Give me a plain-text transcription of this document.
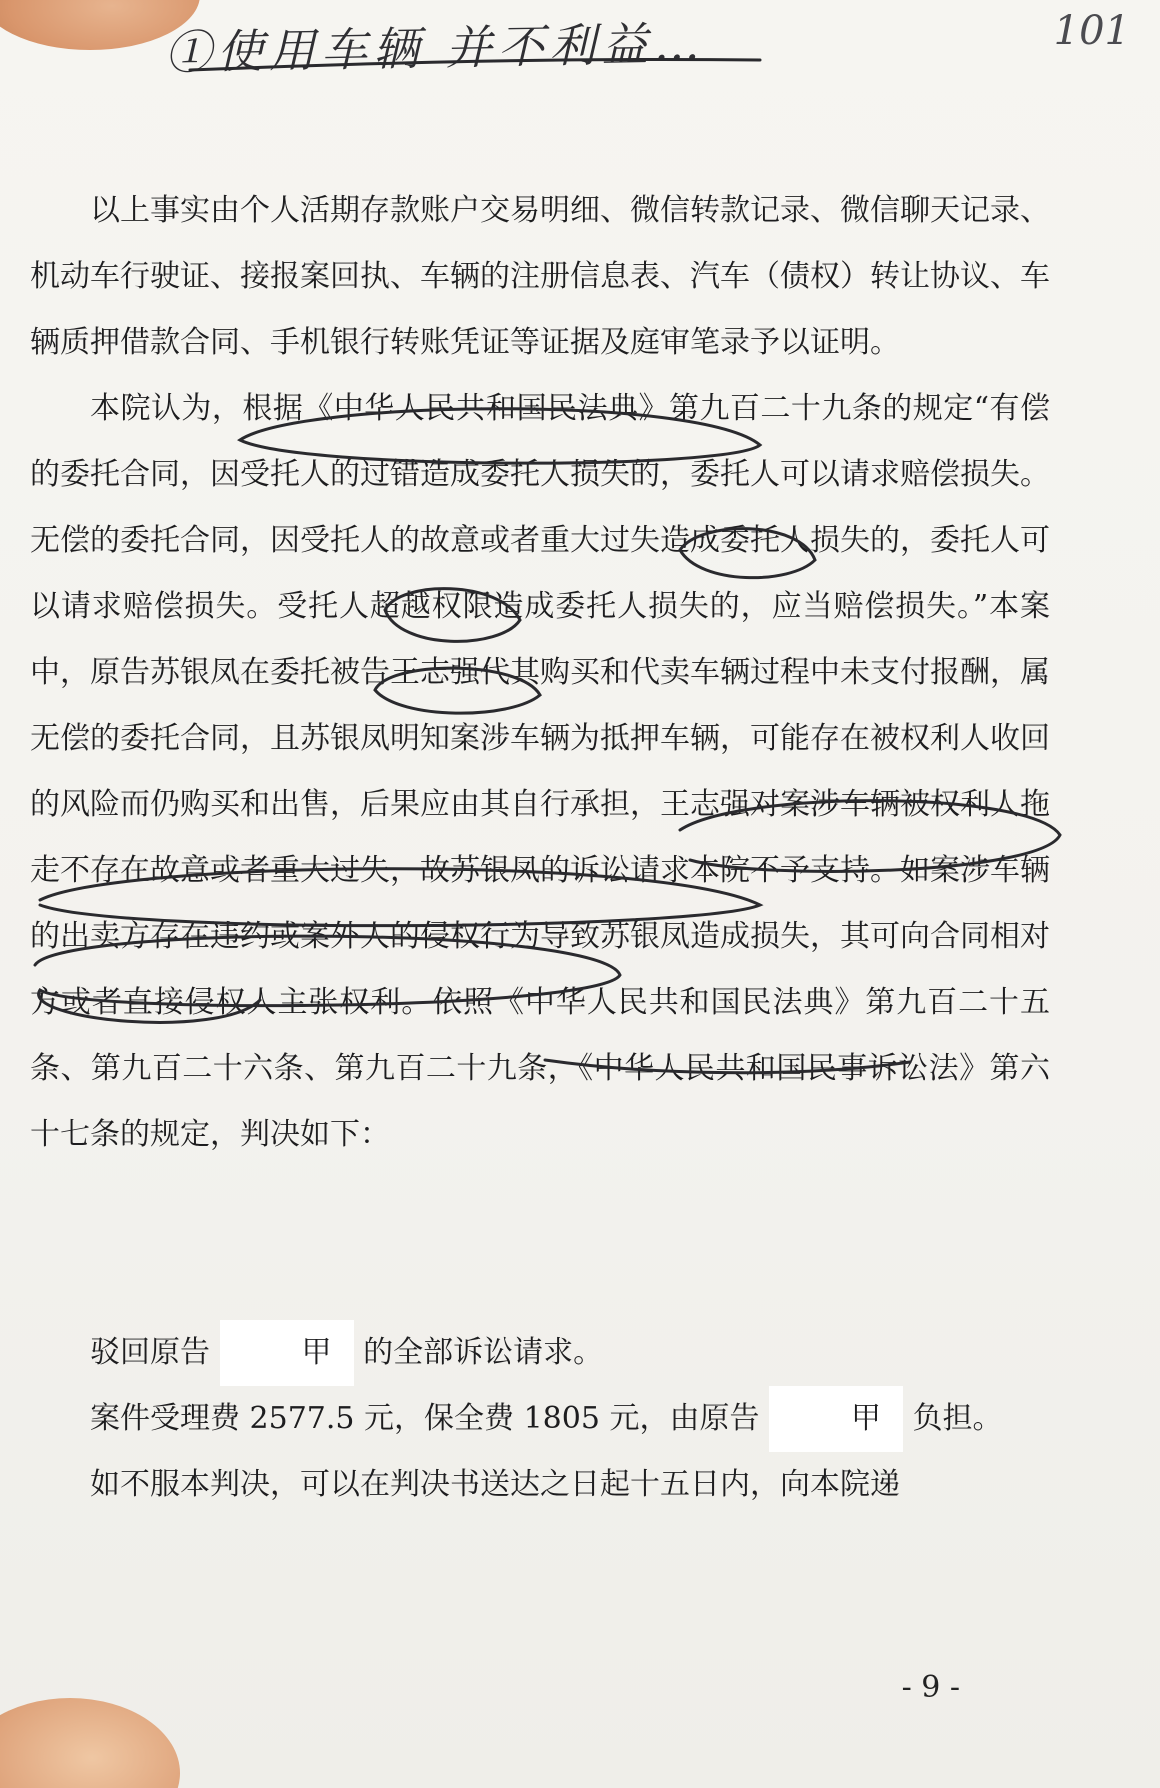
①使用车辆 并不利益…	101

以上事实由个人活期存款账户交易明细、微信转款记录、微信聊天记录、机动车行驶证、接报案回执、车辆的注册信息表、汽车（债权）转让协议、车辆质押借款合同、手机银行转账凭证等证据及庭审笔录予以证明。

本院认为，根据《中华人民共和国民法典》第九百二十九条的规定“有偿的委托合同，因受托人的过错造成委托人损失的，委托人可以请求赔偿损失。无偿的委托合同，因受托人的故意或者重大过失造成委托人损失的，委托人可以请求赔偿损失。受托人超越权限造成委托人损失的，应当赔偿损失。”本案中，原告苏银凤在委托被告王志强代其购买和代卖车辆过程中未支付报酬，属无偿的委托合同，且苏银凤明知案涉车辆为抵押车辆，可能存在被权利人收回的风险而仍购买和出售，后果应由其自行承担，王志强对案涉车辆被权利人拖走不存在故意或者重大过失，故苏银凤的诉讼请求本院不予支持。如案涉车辆的出卖方存在违约或案外人的侵权行为导致苏银凤造成损失，其可向合同相对方或者直接侵权人主张权利。依照《中华人民共和国民法典》第九百二十五条、第九百二十六条、第九百二十九条，《中华人民共和国民事诉讼法》第六十七条的规定，判决如下：

驳回原告	甲 的全部诉讼请求。

案件受理费 2577.5 元，保全费 1805 元，由原告	甲 负担。

如不服本判决，可以在判决书送达之日起十五日内，向本院递

- 9 -
